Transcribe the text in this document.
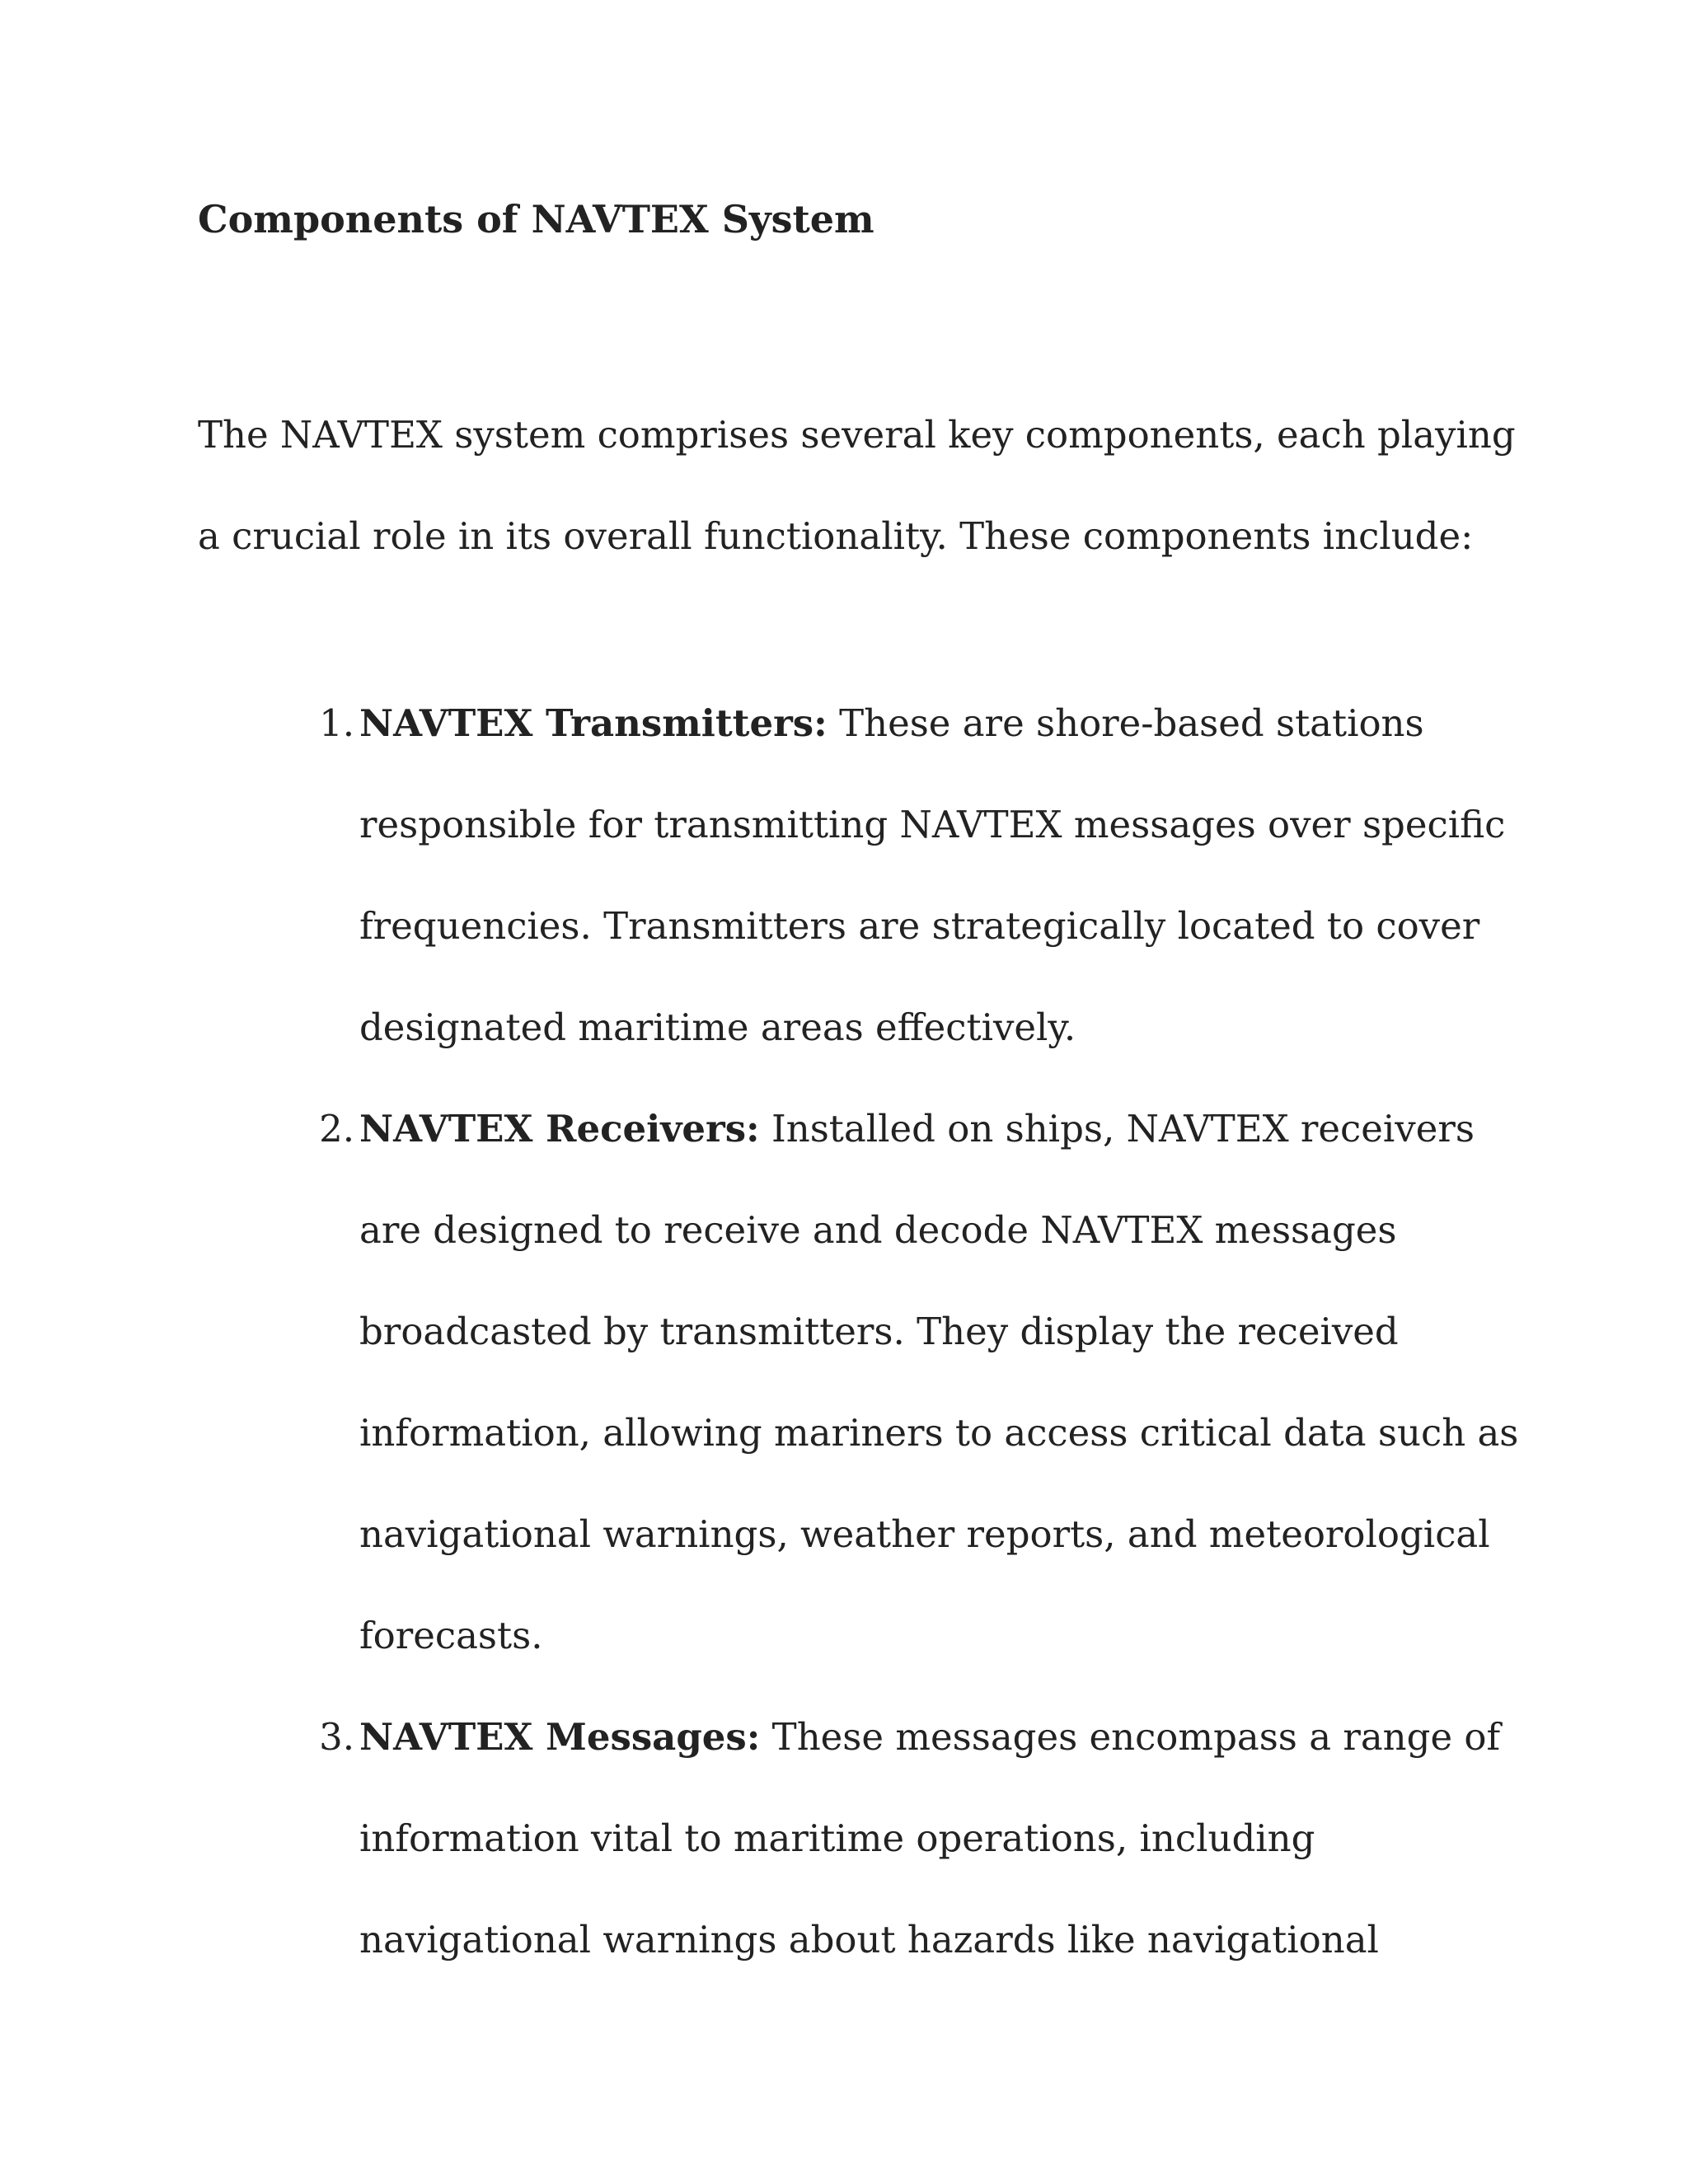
Components of NAVTEX System

The NAVTEX system comprises several key components, each playing
a crucial role in its overall functionality. These components include:

1. NAVTEX Transmitters: These are shore-based stations
responsible for transmitting NAVTEX messages over specific
frequencies. Transmitters are strategically located to cover
designated maritime areas effectively.
2. NAVTEX Receivers: Installed on ships, NAVTEX receivers
are designed to receive and decode NAVTEX messages
broadcasted by transmitters. They display the received
information, allowing mariners to access critical data such as
navigational warnings, weather reports, and meteorological
forecasts.
3. NAVTEX Messages: These messages encompass a range of
information vital to maritime operations, including
navigational warnings about hazards like navigational
